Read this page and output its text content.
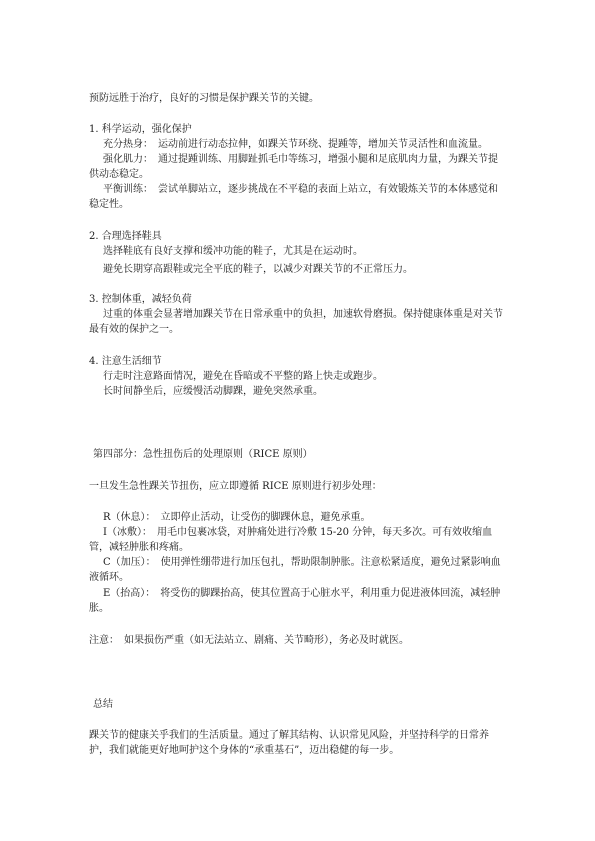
预防远胜于治疗，良好的习惯是保护踝关节的关键。

1. 科学运动，强化保护

充分热身：　运动前进行动态拉伸，如踝关节环绕、提踵等，增加关节灵活性和血流量。

强化肌力：　通过提踵训练、用脚趾抓毛巾等练习，增强小腿和足底肌肉力量，为踝关节提供动态稳定。

平衡训练：　尝试单脚站立，逐步挑战在不平稳的表面上站立，有效锻炼关节的本体感觉和稳定性。

2. 合理选择鞋具

选择鞋底有良好支撑和缓冲功能的鞋子，尤其是在运动时。

避免长期穿高跟鞋或完全平底的鞋子，以减少对踝关节的不正常压力。

3. 控制体重，减轻负荷

过重的体重会显著增加踝关节在日常承重中的负担，加速软骨磨损。保持健康体重是对关节最有效的保护之一。

4. 注意生活细节

行走时注意路面情况，避免在昏暗或不平整的路上快走或跑步。

长时间静坐后，应缓慢活动脚踝，避免突然承重。

第四部分：急性扭伤后的处理原则（RICE 原则）

一旦发生急性踝关节扭伤，应立即遵循 RICE 原则进行初步处理：

R（休息）：　立即停止活动，让受伤的脚踝休息，避免承重。

I（冰敷）：　用毛巾包裹冰袋，对肿痛处进行冷敷 15-20 分钟，每天多次。可有效收缩血管，减轻肿胀和疼痛。

C（加压）：　使用弹性绷带进行加压包扎，帮助限制肿胀。注意松紧适度，避免过紧影响血液循环。

E（抬高）：　将受伤的脚踝抬高，使其位置高于心脏水平，利用重力促进液体回流，减轻肿胀。

注意：　如果损伤严重（如无法站立、剧痛、关节畸形），务必及时就医。

总结

踝关节的健康关乎我们的生活质量。通过了解其结构、认识常见风险，并坚持科学的日常养护，我们就能更好地呵护这个身体的“承重基石”，迈出稳健的每一步。
